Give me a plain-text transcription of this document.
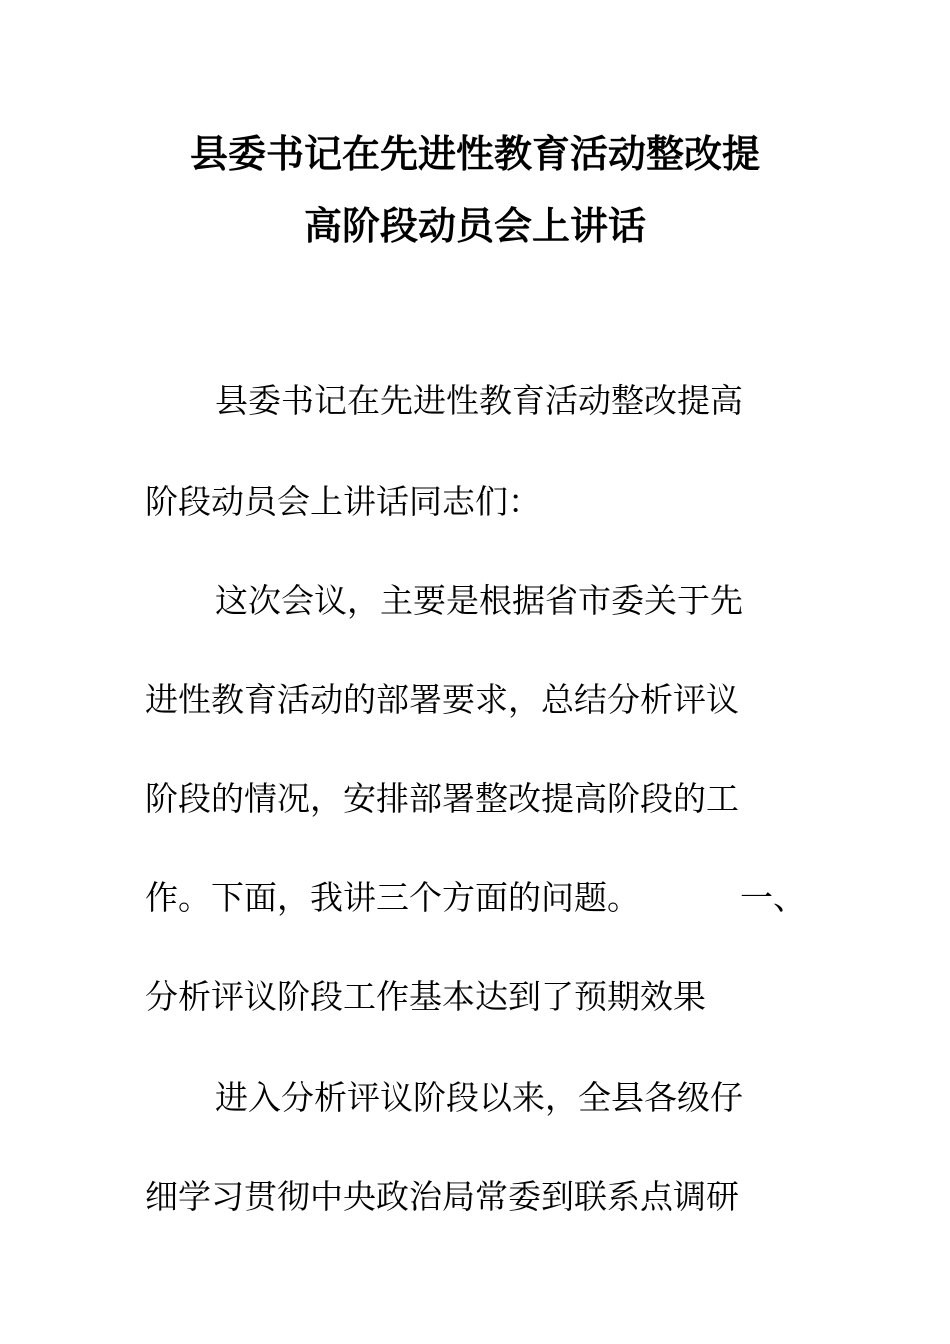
县委书记在先进性教育活动整改提
高阶段动员会上讲话
县委书记在先进性教育活动整改提高
阶段动员会上讲话同志们：
这次会议，主要是根据省市委关于先
进性教育活动的部署要求，总结分析评议
阶段的情况，安排部署整改提高阶段的工
作。下面，我讲三个方面的问题。	一、
分析评议阶段工作基本达到了预期效果
进入分析评议阶段以来，全县各级仔
细学习贯彻中央政治局常委到联系点调研
